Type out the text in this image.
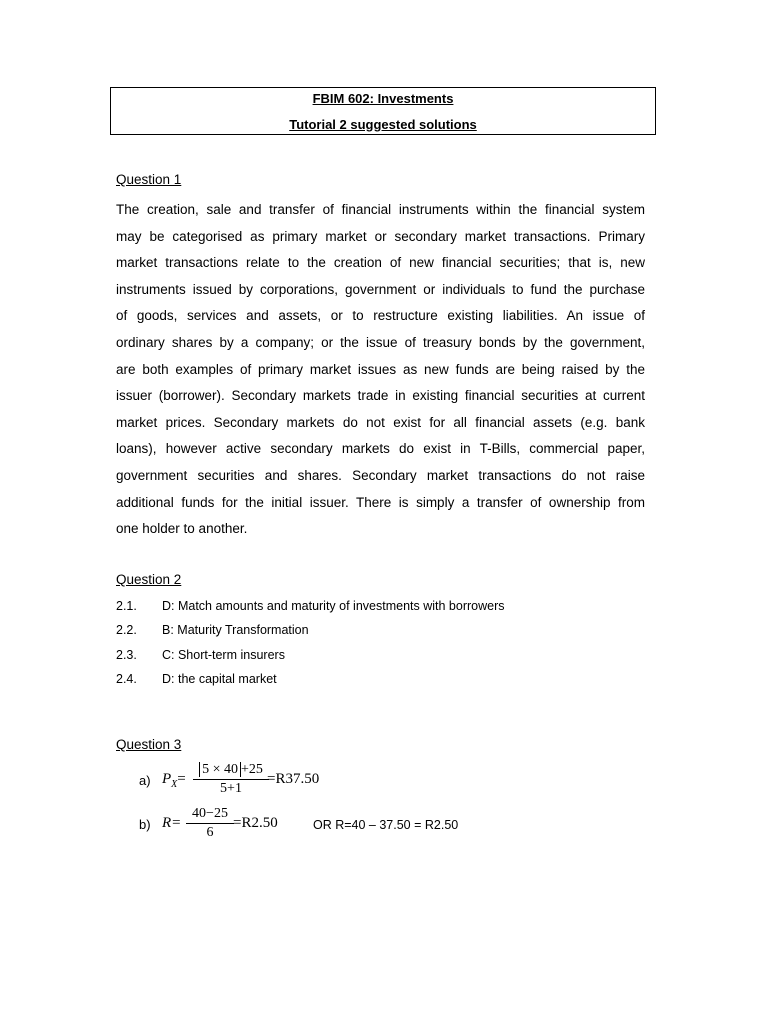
FBIM 602: Investments
Tutorial 2 suggested solutions
Question 1
The creation, sale and transfer of financial instruments within the financial system
may be categorised as primary market or secondary market transactions. Primary
market transactions relate to the creation of new financial securities; that is, new
instruments issued by corporations, government or individuals to fund the purchase
of goods, services and assets, or to restructure existing liabilities. An issue of
ordinary shares by a company; or the issue of treasury bonds by the government,
are both examples of primary market issues as new funds are being raised by the
issuer (borrower). Secondary markets trade in existing financial securities at current
market prices. Secondary markets do not exist for all financial assets (e.g. bank
loans), however active secondary markets do exist in T-Bills, commercial paper,
government securities and shares. Secondary market transactions do not raise
additional funds for the initial issuer. There is simply a transfer of ownership from
one holder to another.
Question 2
2.1. D: Match amounts and maturity of investments with borrowers
2.2. B: Maturity Transformation
2.3. C: Short-term insurers
2.4. D: the capital market
Question 3
a) $P_X= \frac{5 \times 40 +25}{5+1}$
=R37.50
b) $R= \frac{40-25}{6} =R2.50$	OR R=40 – 37.50 = R2.50
